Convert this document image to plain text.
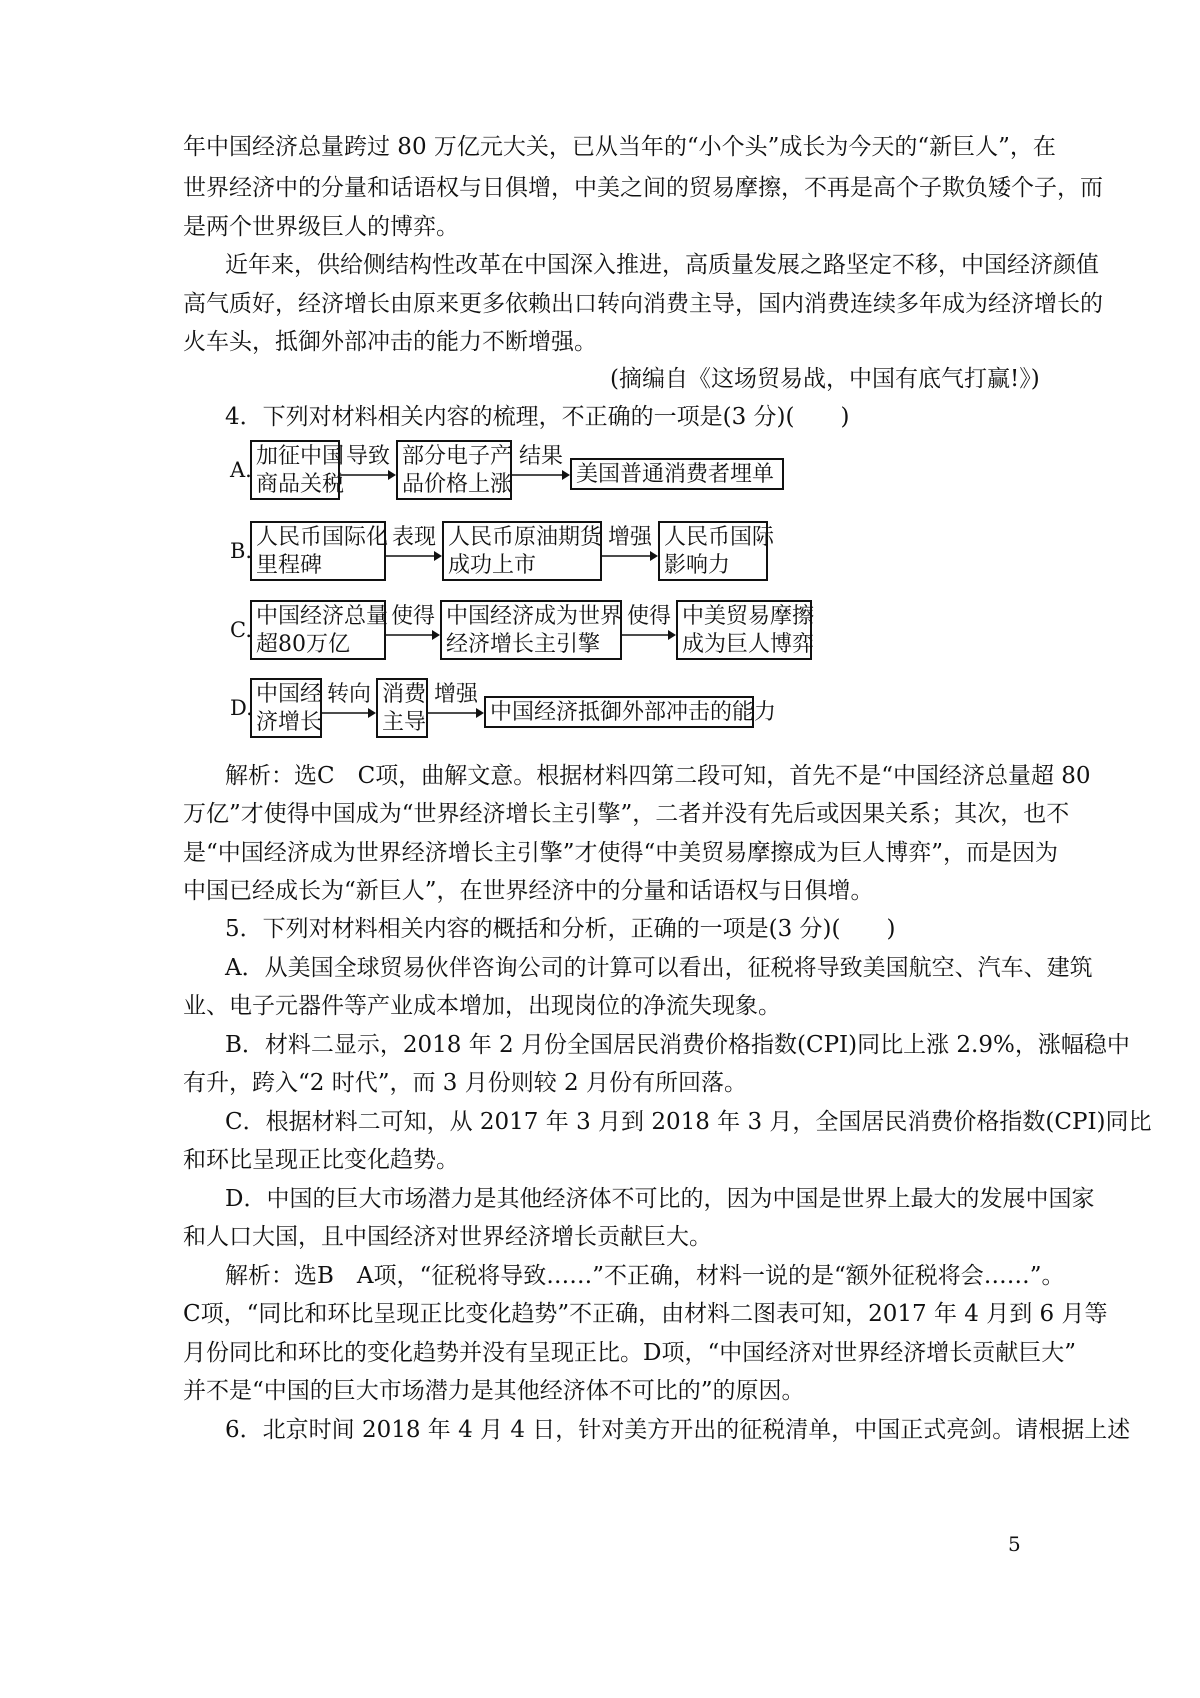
年中国经济总量跨过 80 万亿元大关，已从当年的“小个头”成长为今天的“新巨人”，在
世界经济中的分量和话语权与日俱增，中美之间的贸易摩擦，不再是高个子欺负矮个子，而
是两个世界级巨人的博弈。
近年来，供给侧结构性改革在中国深入推进，高质量发展之路坚定不移，中国经济颜值
高气质好，经济增长由原来更多依赖出口转向消费主导，国内消费连续多年成为经济增长的
火车头，抵御外部冲击的能力不断增强。
(摘编自《这场贸易战，中国有底气打赢!》)
4．下列对材料相关内容的梳理，不正确的一项是(3 分)(　　)
A.
加征中国
商品关税
导致 部分电子产
品价格上涨
结果
美国普通消费者埋单
B.
人民币国际化
里程碑
表现 人民币原油期货
成功上市
增强 人民币国际
影响力
C.
中国经济总量
超80万亿
使得 中国经济成为世界
经济增长主引擎
使得 中美贸易摩擦
成为巨人博弈
D.
中国经
济增长
转向 消费
主导
增强
中国经济抵御外部冲击的能力
解析：选C　C项，曲解文意。根据材料四第二段可知，首先不是“中国经济总量超 80
万亿”才使得中国成为“世界经济增长主引擎”，二者并没有先后或因果关系；其次，也不
是“中国经济成为世界经济增长主引擎”才使得“中美贸易摩擦成为巨人博弈”，而是因为
中国已经成长为“新巨人”，在世界经济中的分量和话语权与日俱增。
5．下列对材料相关内容的概括和分析，正确的一项是(3 分)(　　)
A．从美国全球贸易伙伴咨询公司的计算可以看出，征税将导致美国航空、汽车、建筑
业、电子元器件等产业成本增加，出现岗位的净流失现象。
B．材料二显示，2018 年 2 月份全国居民消费价格指数(CPI)同比上涨 2.9%，涨幅稳中
有升，跨入“2 时代”，而 3 月份则较 2 月份有所回落。
C．根据材料二可知，从 2017 年 3 月到 2018 年 3 月，全国居民消费价格指数(CPI)同比
和环比呈现正比变化趋势。
D．中国的巨大市场潜力是其他经济体不可比的，因为中国是世界上最大的发展中国家
和人口大国，且中国经济对世界经济增长贡献巨大。
解析：选B　A项，“征税将导致……”不正确，材料一说的是“额外征税将会……”。
C项，“同比和环比呈现正比变化趋势”不正确，由材料二图表可知，2017 年 4 月到 6 月等
月份同比和环比的变化趋势并没有呈现正比。D项，“中国经济对世界经济增长贡献巨大”
并不是“中国的巨大市场潜力是其他经济体不可比的”的原因。
6．北京时间 2018 年 4 月 4 日，针对美方开出的征税清单，中国正式亮剑。请根据上述
5
